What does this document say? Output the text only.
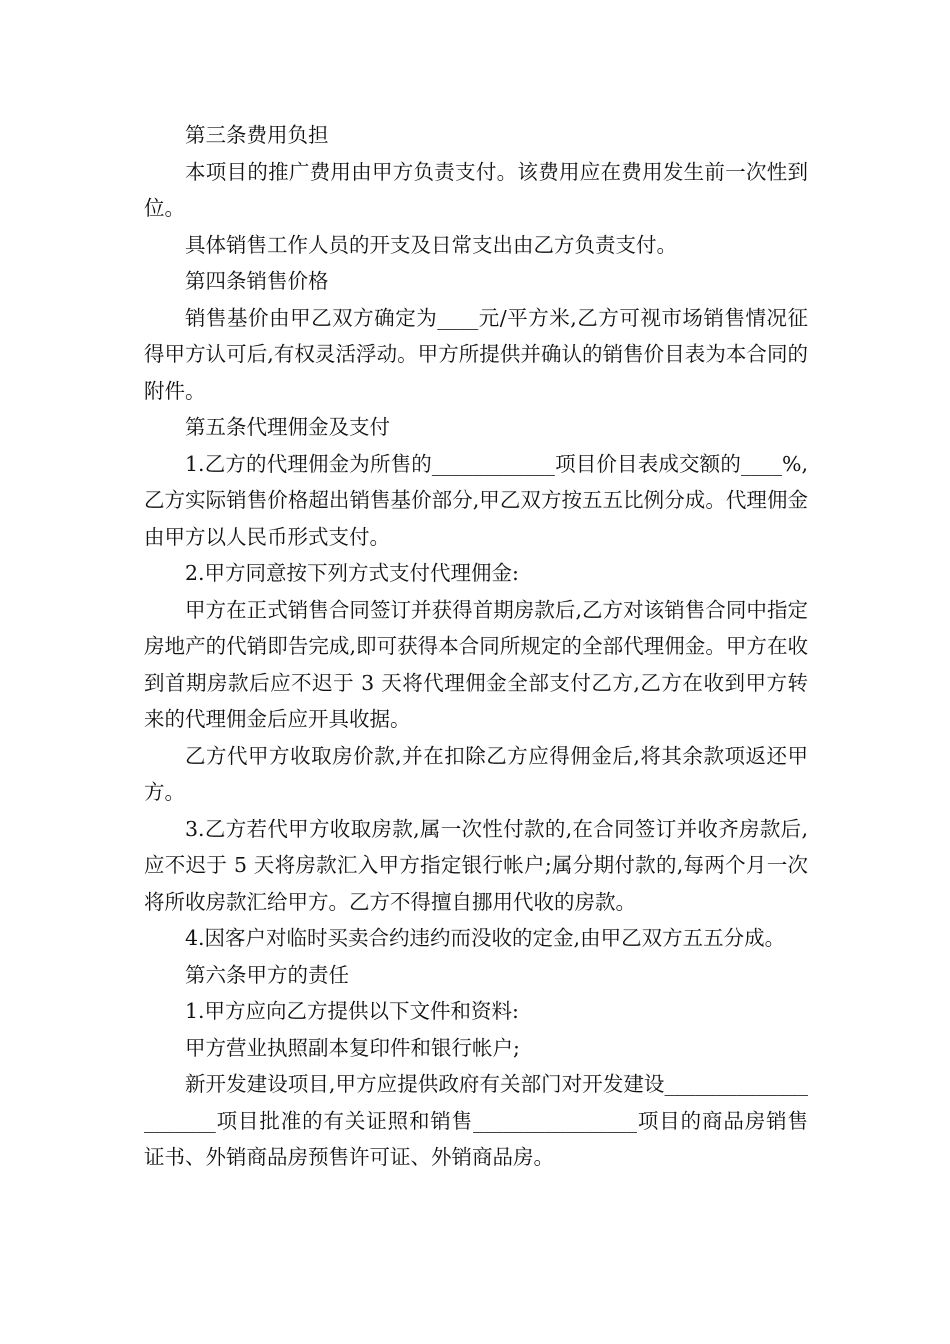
第三条费用负担

本项目的推广费用由甲方负责支付。该费用应在费用发生前一次性到位。

具体销售工作人员的开支及日常支出由乙方负责支付。

第四条销售价格

销售基价由甲乙双方确定为____元/平方米,乙方可视市场销售情况征得甲方认可后,有权灵活浮动。甲方所提供并确认的销售价目表为本合同的附件。

第五条代理佣金及支付

1.乙方的代理佣金为所售的____________项目价目表成交额的____%,乙方实际销售价格超出销售基价部分,甲乙双方按五五比例分成。代理佣金由甲方以人民币形式支付。

2.甲方同意按下列方式支付代理佣金:

甲方在正式销售合同签订并获得首期房款后,乙方对该销售合同中指定房地产的代销即告完成,即可获得本合同所规定的全部代理佣金。甲方在收到首期房款后应不迟于 3 天将代理佣金全部支付乙方,乙方在收到甲方转来的代理佣金后应开具收据。

乙方代甲方收取房价款,并在扣除乙方应得佣金后,将其余款项返还甲方。

3.乙方若代甲方收取房款,属一次性付款的,在合同签订并收齐房款后,应不迟于 5 天将房款汇入甲方指定银行帐户;属分期付款的,每两个月一次将所收房款汇给甲方。乙方不得擅自挪用代收的房款。

4.因客户对临时买卖合约违约而没收的定金,由甲乙双方五五分成。

第六条甲方的责任

1.甲方应向乙方提供以下文件和资料:

甲方营业执照副本复印件和银行帐户;

新开发建设项目,甲方应提供政府有关部门对开发建设_____________________项目批准的有关证照和销售________________项目的商品房销售证书、外销商品房预售许可证、外销商品房。
